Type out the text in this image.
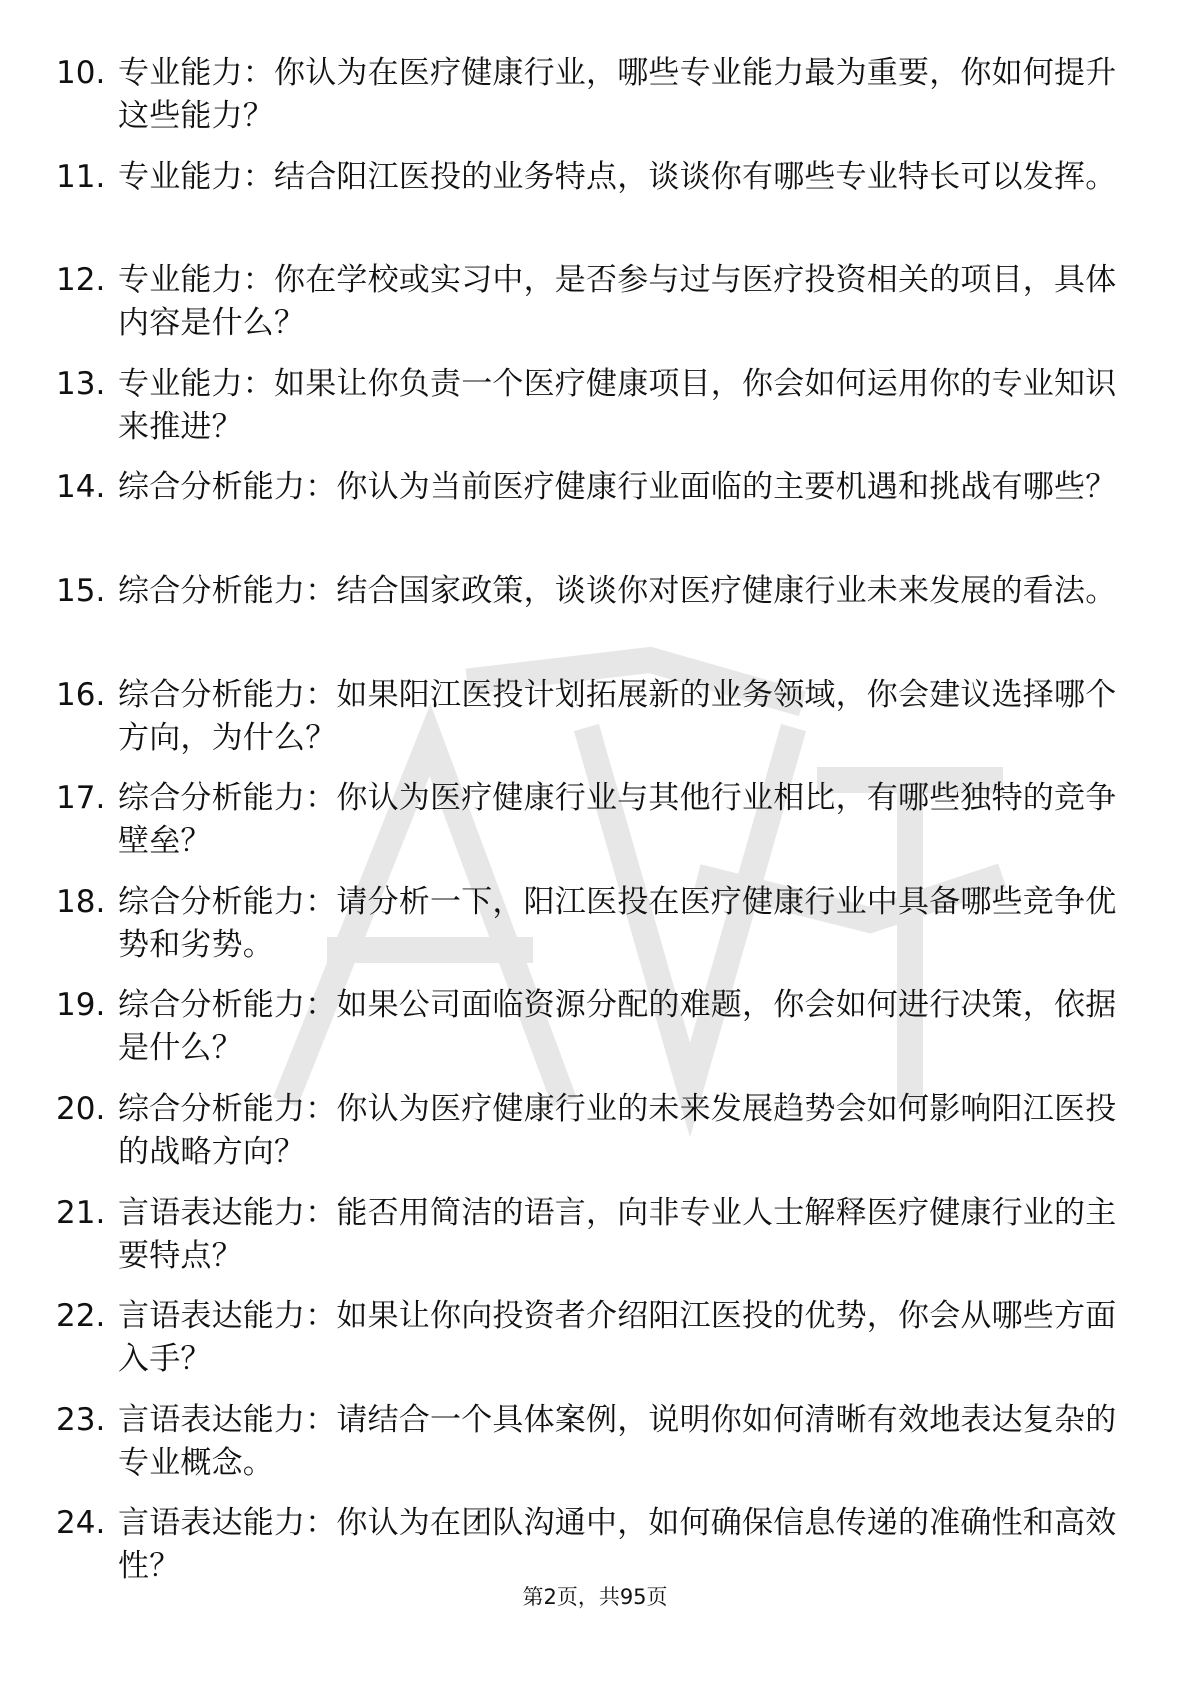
10. 专业能力：你认为在医疗健康行业，哪些专业能力最为重要，你如何提升这些能力？
11. 专业能力：结合阳江医投的业务特点，谈谈你有哪些专业特长可以发挥。
12. 专业能力：你在学校或实习中，是否参与过与医疗投资相关的项目，具体内容是什么？
13. 专业能力：如果让你负责一个医疗健康项目，你会如何运用你的专业知识来推进？
14. 综合分析能力：你认为当前医疗健康行业面临的主要机遇和挑战有哪些？
15. 综合分析能力：结合国家政策，谈谈你对医疗健康行业未来发展的看法。
16. 综合分析能力：如果阳江医投计划拓展新的业务领域，你会建议选择哪个方向，为什么？
17. 综合分析能力：你认为医疗健康行业与其他行业相比，有哪些独特的竞争壁垒？
18. 综合分析能力：请分析一下，阳江医投在医疗健康行业中具备哪些竞争优势和劣势。
19. 综合分析能力：如果公司面临资源分配的难题，你会如何进行决策，依据是什么？
20. 综合分析能力：你认为医疗健康行业的未来发展趋势会如何影响阳江医投的战略方向？
21. 言语表达能力：能否用简洁的语言，向非专业人士解释医疗健康行业的主要特点？
22. 言语表达能力：如果让你向投资者介绍阳江医投的优势，你会从哪些方面入手？
23. 言语表达能力：请结合一个具体案例，说明你如何清晰有效地表达复杂的专业概念。
24. 言语表达能力：你认为在团队沟通中，如何确保信息传递的准确性和高效性？
第2页，共95页
